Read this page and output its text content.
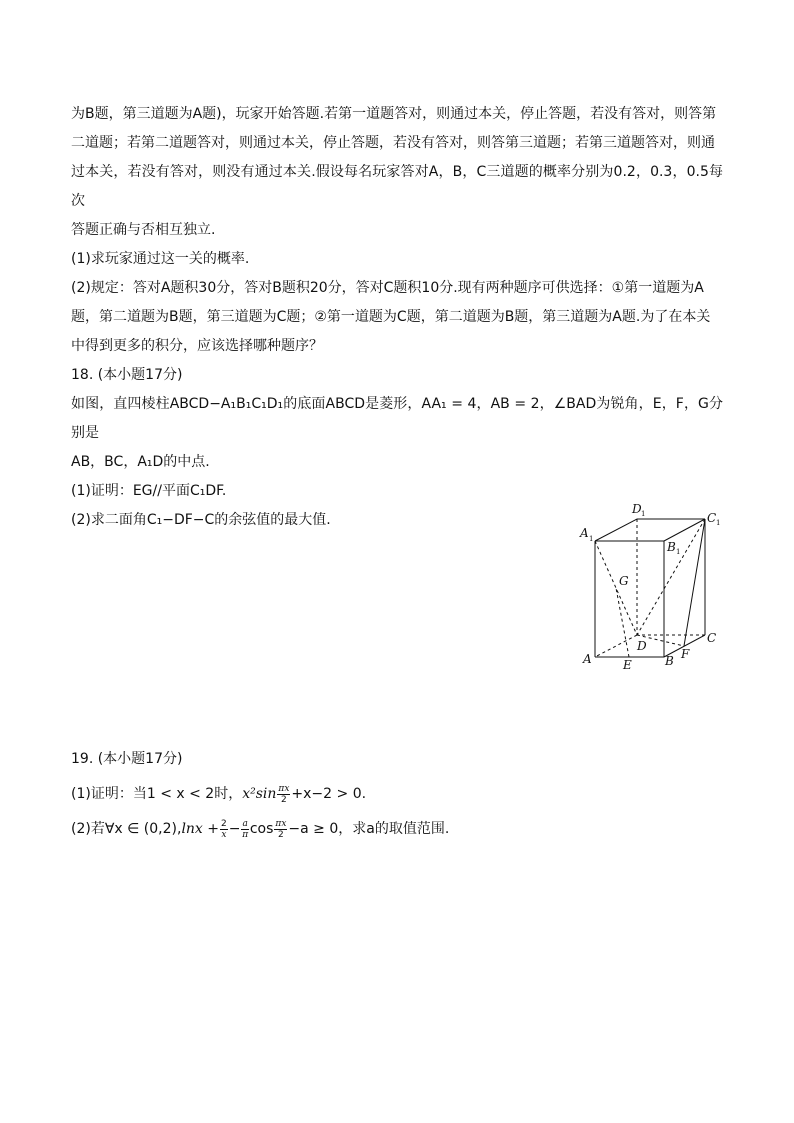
为B题，第三道题为A题)，玩家开始答题.若第一道题答对，则通过本关，停止答题，若没有答对，则答第

二道题；若第二道题答对，则通过本关，停止答题，若没有答对，则答第三道题；若第三道题答对，则通

过本关，若没有答对，则没有通过本关.假设每名玩家答对A，B，C三道题的概率分别为0.2，0.3，0.5每次

答题正确与否相互独立.

(1)求玩家通过这一关的概率.

(2)规定：答对A题积30分，答对B题积20分，答对C题积10分.现有两种题序可供选择：①第一道题为A

题，第二道题为B题，第三道题为C题；②第一道题为C题，第二道题为B题，第三道题为A题.为了在本关

中得到更多的积分，应该选择哪种题序？

18. (本小题17分)

如图，直四棱柱ABCD−A₁B₁C₁D₁的底面ABCD是菱形，AA₁ = 4，AB = 2，∠BAD为锐角，E，F，G分别是

AB，BC，A₁D的中点.

(1)证明：EG//平面C₁DF.

(2)求二面角C₁−DF−C的余弦值的最大值.

19. (本小题17分)

(1)证明：当1 < x < 2时，$x^2\sin \frac{\pi x}{2} +x-2 > 0$.

(2)若∀x ∈ $(0,2),\ln x + \frac{2}{x} - \frac{a}{\pi}$ $\cos \frac{\pi x}{2} -a \ge 0$，求a的取值范围.

A 1
B 1
C 1
D 1
G
D
C
A	E	B F
